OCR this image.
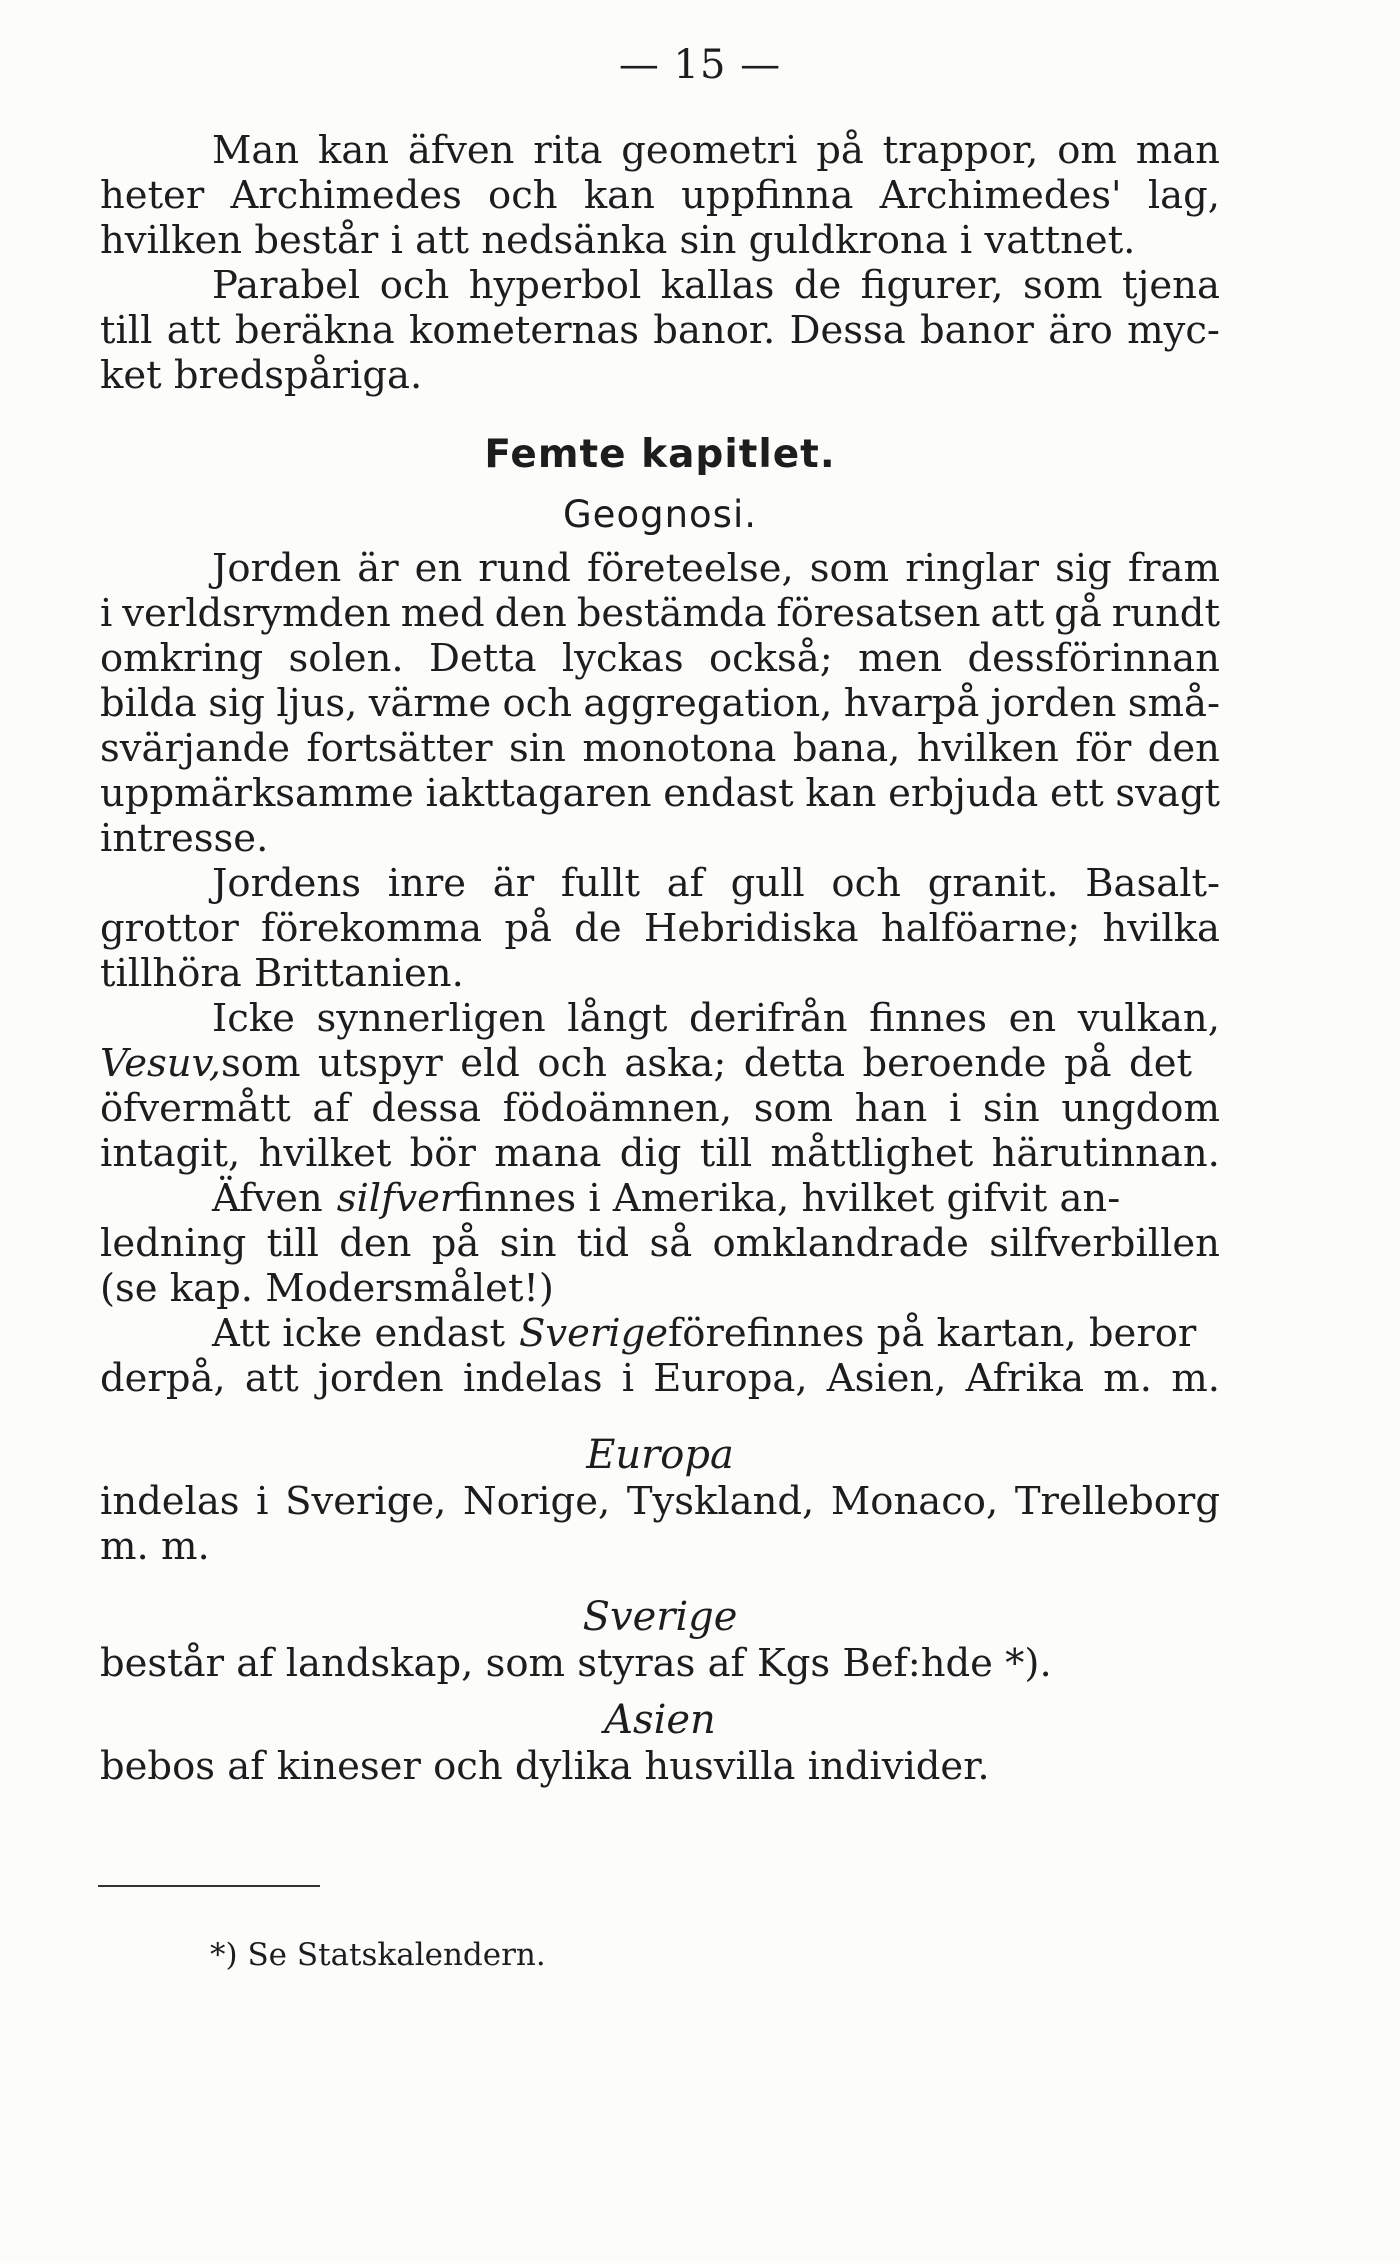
— 15 —
Man kan äfven rita geometri på trappor, om man
heter Archimedes och kan uppfinna Archimedes' lag,
hvilken består i att nedsänka sin guldkrona i vattnet.
Parabel och hyperbol kallas de figurer, som tjena
till att beräkna kometernas banor. Dessa banor äro myc-
ket bredspåriga.
Femte kapitlet.
Geognosi.
Jorden är en rund företeelse, som ringlar sig fram
i verldsrymden med den bestämda föresatsen att gå rundt
omkring solen. Detta lyckas också; men dessförinnan
bilda sig ljus, värme och aggregation, hvarpå jorden små-
svärjande fortsätter sin monotona bana, hvilken för den
uppmärksamme iakttagaren endast kan erbjuda ett svagt
intresse.
Jordens inre är fullt af gull och granit. Basalt-
grottor förekomma på de Hebridiska halföarne; hvilka
tillhöra Brittanien.
Icke synnerligen långt derifrån finnes en vulkan,
Vesuv, som utspyr eld och aska; detta beroende på det
öfvermått af dessa födoämnen, som han i sin ungdom
intagit, hvilket bör mana dig till måttlighet härutinnan.
Äfven silfver finnes i Amerika, hvilket gifvit an-
ledning till den på sin tid så omklandrade silfverbillen
(se kap. Modersmålet!)
Att icke endast Sverige förefinnes på kartan, beror
derpå, att jorden indelas i Europa, Asien, Afrika m. m.
Europa
indelas i Sverige, Norige, Tyskland, Monaco, Trelleborg
m. m.
Sverige
består af landskap, som styras af Kgs Bef:hde *).
Asien
bebos af kineser och dylika husvilla individer.
*) Se Statskalendern.
